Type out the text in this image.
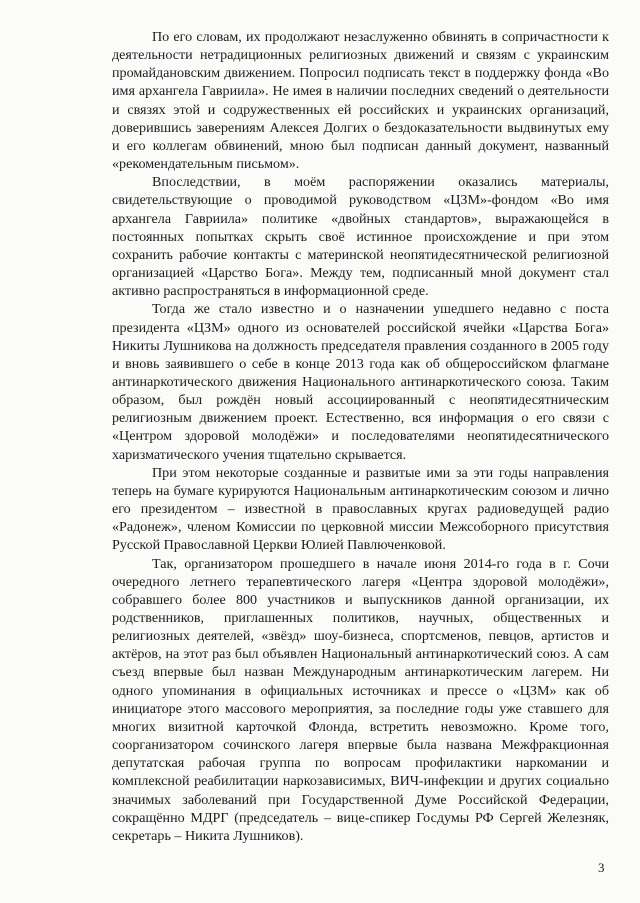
По его словам, их продолжают незаслуженно обвинять в сопричастности к деятельности нетрадиционных религиозных движений и связям с украинским промайдановским движением. Попросил подписать текст в поддержку фонда «Во имя архангела Гавриила». Не имея в наличии последних сведений о деятельности и связях этой и содружественных ей российских и украинских организаций, доверившись заверениям Алексея Долгих о бездоказательности выдвинутых ему и его коллегам обвинений, мною был подписан данный документ, названный «рекомендательным письмом».

Впоследствии, в моём распоряжении оказались материалы, свидетельствующие о проводимой руководством «ЦЗМ»-фондом «Во имя архангела Гавриила» политике «двойных стандартов», выражающейся в постоянных попытках скрыть своё истинное происхождение и при этом сохранить рабочие контакты с материнской неопятидесятнической религиозной организацией «Царство Бога». Между тем, подписанный мной документ стал активно распространяться в информационной среде.

Тогда же стало известно и о назначении ушедшего недавно с поста президента «ЦЗМ» одного из основателей российской ячейки «Царства Бога» Никиты Лушникова на должность председателя правления созданного в 2005 году и вновь заявившего о себе в конце 2013 года как об общероссийском флагмане антинаркотического движения Национального антинаркотического союза. Таким образом, был рождён новый ассоциированный с неопятидесятническим религиозным движением проект. Естественно, вся информация о его связи с «Центром здоровой молодёжи» и последователями неопятидесятнического харизматического учения тщательно скрывается.

При этом некоторые созданные и развитые ими за эти годы направления теперь на бумаге курируются Национальным антинаркотическим союзом и лично его президентом – известной в православных кругах радиоведущей радио «Радонеж», членом Комиссии по церковной миссии Межсоборного присутствия Русской Православной Церкви Юлией Павлюченковой.

Так, организатором прошедшего в начале июня 2014-го года в г. Сочи очередного летнего терапевтического лагеря «Центра здоровой молодёжи», собравшего более 800 участников и выпускников данной организации, их родственников, приглашенных политиков, научных, общественных и религиозных деятелей, «звёзд» шоу-бизнеса, спортсменов, певцов, артистов и актёров, на этот раз был объявлен Национальный антинаркотический союз. А сам съезд впервые был назван Международным антинаркотическим лагерем. Ни одного упоминания в официальных источниках и прессе о «ЦЗМ» как об инициаторе этого массового мероприятия, за последние годы уже ставшего для многих визитной карточкой Флонда, встретить невозможно. Кроме того, соорганизатором сочинского лагеря впервые была названа Межфракционная депутатская рабочая группа по вопросам профилактики наркомании и комплексной реабилитации наркозависимых, ВИЧ-инфекции и других социально значимых заболеваний при Государственной Думе Российской Федерации, сокращённо МДРГ (председатель – вице-спикер Госдумы РФ Сергей Железняк, секретарь – Никита Лушников).

3
